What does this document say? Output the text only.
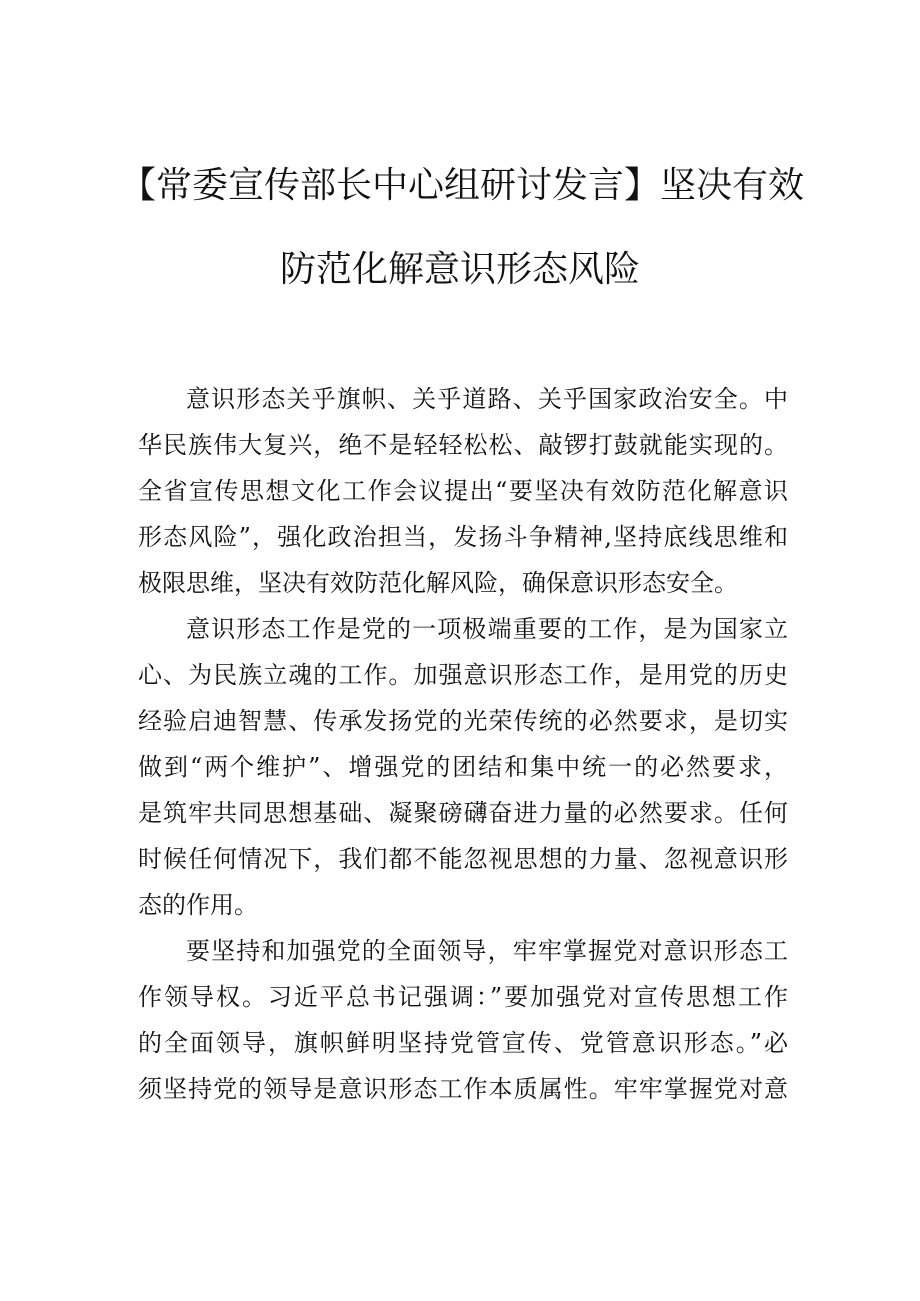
【常委宣传部长中心组研讨发言】坚决有效
防范化解意识形态风险
意识形态关乎旗帜、关乎道路、关乎国家政治安全。中
华民族伟大复兴，绝不是轻轻松松、敲锣打鼓就能实现的。
全省宣传思想文化工作会议提出“要坚决有效防范化解意识
形态风险”，强化政治担当，发扬斗争精神,坚持底线思维和
极限思维，坚决有效防范化解风险，确保意识形态安全。
意识形态工作是党的一项极端重要的工作，是为国家立
心、为民族立魂的工作。加强意识形态工作，是用党的历史
经验启迪智慧、传承发扬党的光荣传统的必然要求，是切实
做到“两个维护”、增强党的团结和集中统一的必然要求，
是筑牢共同思想基础、凝聚磅礴奋进力量的必然要求。任何
时候任何情况下，我们都不能忽视思想的力量、忽视意识形
态的作用。
要坚持和加强党的全面领导，牢牢掌握党对意识形态工
作领导权。习近平总书记强调：”要加强党对宣传思想工作
的全面领导，旗帜鲜明坚持党管宣传、党管意识形态。”必
须坚持党的领导是意识形态工作本质属性。牢牢掌握党对意
